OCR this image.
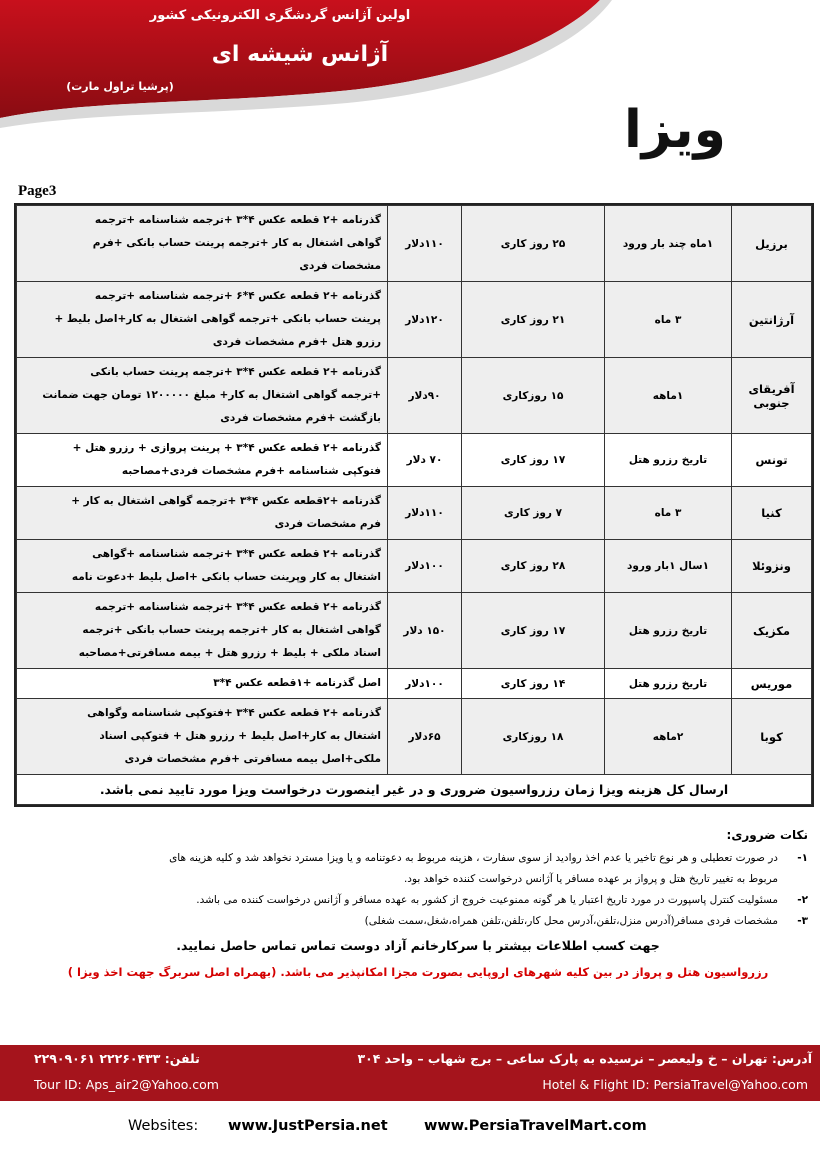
اولین آژانس گردشگری الکترونیکی کشور
آژانس شیشه ای
(پرشیا تراول مارت)
ویزا
Page3
برزیل	۱ماه چند بار ورود	۲۵ روز کاری	۱۱۰دلار	گذرنامه +۲ قطعه عکس ۴*۳ +ترجمه شناسنامه +ترجمه
گواهی اشتغال به کار +ترجمه پرینت حساب بانکی +فرم
مشخصات فردی

آرژانتین	۳ ماه	۲۱ روز کاری	۱۲۰دلار	گذرنامه +۲ قطعه عکس ۴*۶ +ترجمه شناسنامه +ترجمه
پرینت حساب بانکی +ترجمه گواهی اشتغال به کار+اصل بلیط +
رزرو هتل +فرم مشخصات فردی

آفریقای جنوبی	۱ماهه	۱۵ روزکاری	۹۰دلار	گذرنامه +۲ قطعه عکس ۴*۳ +ترجمه پرینت حساب بانکی
+ترجمه گواهی اشتغال به کار+ مبلغ ۱۲۰۰۰۰۰ تومان جهت ضمانت
بازگشت +فرم مشخصات فردی

تونس	تاریخ رزرو هتل	۱۷ روز کاری	۷۰ دلار	گذرنامه +۲ قطعه عکس ۴*۳ + پرینت پروازی + رزرو هتل +
فتوکپی شناسنامه +فرم مشخصات فردی+مصاحبه

کنیا	۳ ماه	۷ روز کاری	۱۱۰دلار	گذرنامه +۲قطعه عکس ۴*۳ +ترجمه گواهی اشتغال به کار +
فرم مشخصات فردی

ونزوئلا	۱سال ۱بار ورود	۲۸ روز کاری	۱۰۰دلار	گذرنامه +۲ قطعه عکس ۴*۳ +ترجمه شناسنامه +گواهی
اشتغال به کار وپرینت حساب بانکی +اصل بلیط +دعوت نامه

مکزیک	تاریخ رزرو هتل	۱۷ روز کاری	۱۵۰ دلار	گذرنامه +۲ قطعه عکس ۴*۳ +ترجمه شناسنامه +ترجمه
گواهی اشتغال به کار +ترجمه پرینت حساب بانکی +ترجمه
اسناد ملکی + بلیط + رزرو هتل + بیمه مسافرتی+مصاحبه

موریس	تاریخ رزرو هتل	۱۴ روز کاری	۱۰۰دلار	اصل گذرنامه +۱قطعه عکس ۴*۳

کوبا	۲ماهه	۱۸ روزکاری	۶۵دلار	گذرنامه +۲ قطعه عکس ۴*۳ +فتوکپی شناسنامه وگواهی
اشتغال به کار+اصل بلیط + رزرو هتل + فتوکپی اسناد
ملکی+اصل بیمه مسافرتی +فرم مشخصات فردی

ارسال کل هزینه ویزا زمان رزرواسیون ضروری و در غیر اینصورت درخواست ویزا مورد تایید نمی باشد.				
نکات ضروری:
۱-
در صورت تعطیلی و هر نوع تاخیر یا عدم اخذ روادید از سوی سفارت ، هزینه مربوط به دعوتنامه و یا ویزا مسترد نخواهد شد و کلیه هزینه های
مربوط به تغییر تاریخ هتل و پرواز بر عهده مسافر یا آژانس درخواست کننده خواهد بود.
۲-
مسئولیت کنترل پاسپورت در مورد تاریخ اعتبار یا هر گونه ممنوعیت خروج از کشور به عهده مسافر و آژانس درخواست کننده می باشد.
۳-
مشخصات فردی مسافر(آدرس منزل،تلفن،آدرس محل کار،تلفن،تلفن همراه،شغل،سمت شغلی)
جهت کسب اطلاعات بیشتر با سرکارخانم آزاد دوست تماس تماس حاصل نمایید.
رزرواسیون هتل و پرواز در بین کلیه شهرهای اروپایی بصورت مجزا امکانپذیر می باشد. (بهمراه اصل سربرگ جهت اخذ ویزا )
آدرس: تهران – خ ولیعصر – نرسیده به پارک ساعی – برج شهاب – واحد ۳۰۴
تلفن: ۲۲۲۶۰۴۳۳ ۲۲۹۰۹۰۶۱
Tour ID: Aps_air2@Yahoo.com	Hotel & Flight ID: PersiaTravel@Yahoo.com
Websites: www.JustPersia.net	www.PersiaTravelMart.com
